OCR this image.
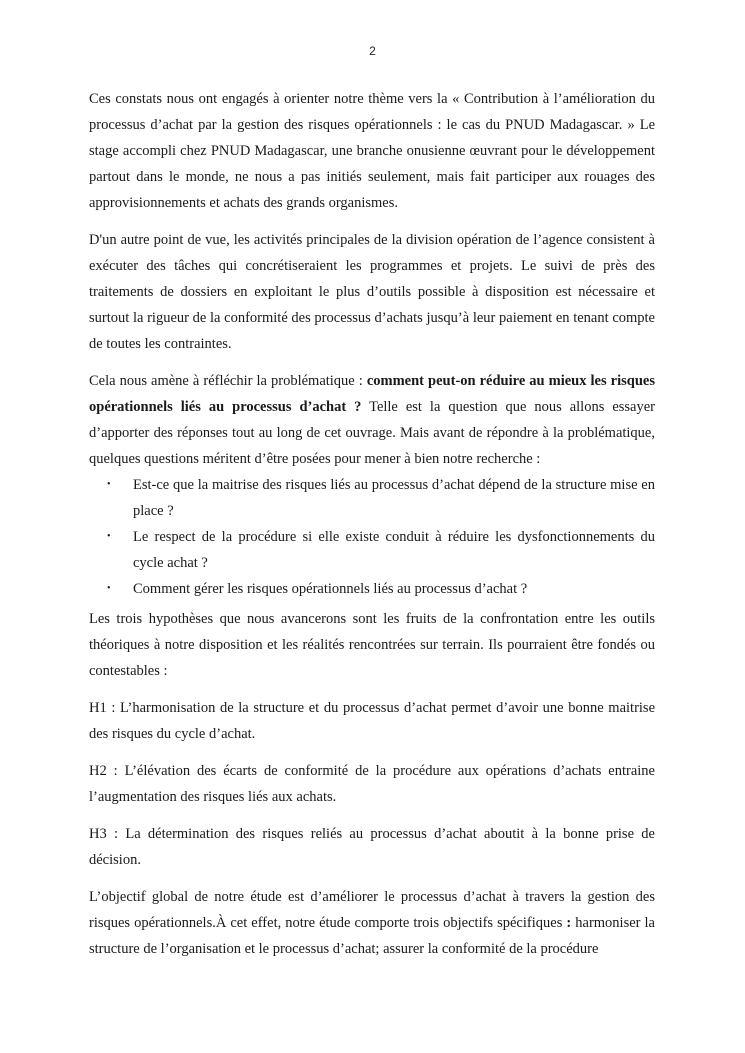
2

Ces constats nous ont engagés à orienter notre thème vers la « Contribution à l’amélioration du processus d’achat par la gestion des risques opérationnels : le cas du PNUD Madagascar. » Le stage accompli chez PNUD Madagascar, une branche onusienne œuvrant pour le développement partout dans le monde, ne nous a pas initiés seulement, mais fait participer aux rouages des approvisionnements et achats des grands organismes.

D'un autre point de vue, les activités principales de la division opération de l’agence consistent à exécuter des tâches qui concrétiseraient les programmes et projets. Le suivi de près des traitements de dossiers en exploitant le plus d’outils possible à disposition est nécessaire et surtout la rigueur de la conformité des processus d’achats jusqu’à leur paiement en tenant compte de toutes les contraintes.

Cela nous amène à réfléchir la problématique : comment peut-on réduire au mieux les risques opérationnels liés au processus d’achat ? Telle est la question que nous allons essayer d’apporter des réponses tout au long de cet ouvrage. Mais avant de répondre à la problématique, quelques questions méritent d’être posées pour mener à bien notre recherche :

• Est-ce que la maitrise des risques liés au processus d’achat dépend de la structure mise en place ?
• Le respect de la procédure si elle existe conduit à réduire les dysfonctionnements du cycle achat ?
• Comment gérer les risques opérationnels liés au processus d’achat ?

Les trois hypothèses que nous avancerons sont les fruits de la confrontation entre les outils théoriques à notre disposition et les réalités rencontrées sur terrain. Ils pourraient être fondés ou contestables :

H1 : L’harmonisation de la structure et du processus d’achat permet d’avoir une bonne maitrise des risques du cycle d’achat.

H2 : L’élévation des écarts de conformité de la procédure aux opérations d’achats entraine l’augmentation des risques liés aux achats.

H3 : La détermination des risques reliés au processus d’achat aboutit à la bonne prise de décision.

L’objectif global de notre étude est d’améliorer le processus d’achat à travers la gestion des risques opérationnels.À cet effet, notre étude comporte trois objectifs spécifiques : harmoniser la structure de l’organisation et le processus d’achat; assurer la conformité de la procédure
